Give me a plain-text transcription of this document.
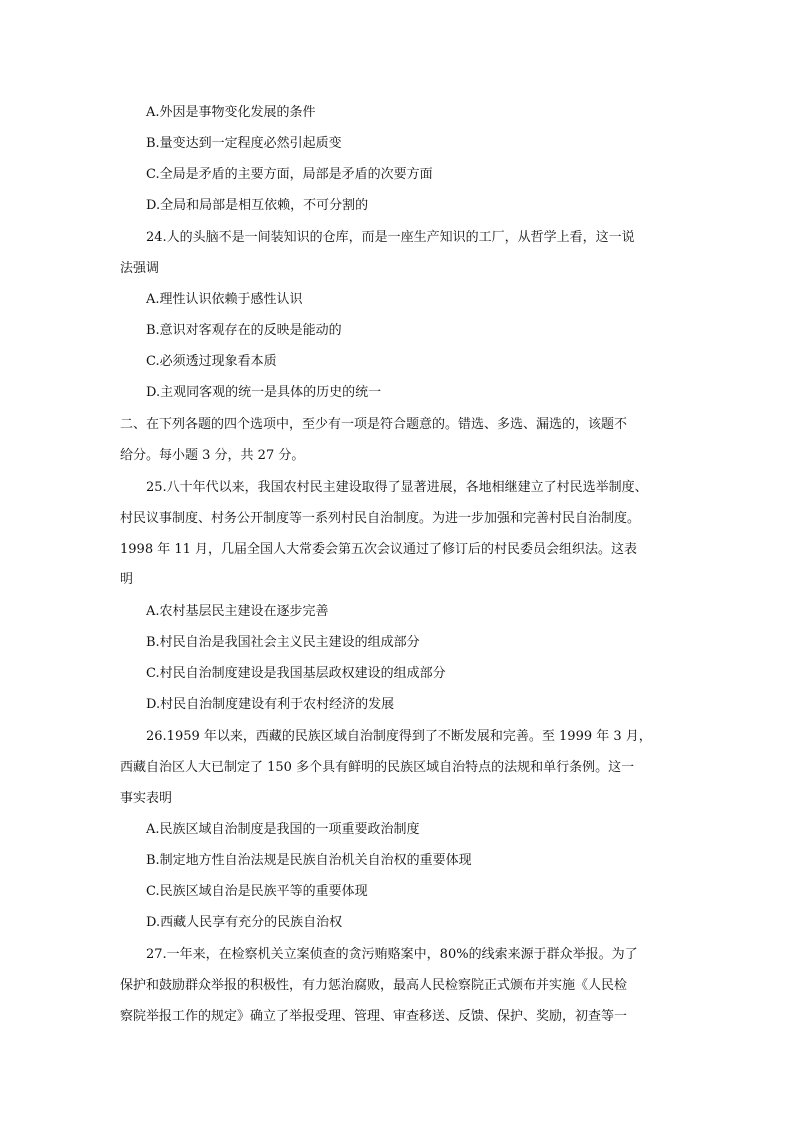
A.外因是事物变化发展的条件
B.量变达到一定程度必然引起质变
C.全局是矛盾的主要方面，局部是矛盾的次要方面
D.全局和局部是相互依赖，不可分割的
24.人的头脑不是一间装知识的仓库，而是一座生产知识的工厂，从哲学上看，这一说
法强调
A.理性认识依赖于感性认识
B.意识对客观存在的反映是能动的
C.必须透过现象看本质
D.主观同客观的统一是具体的历史的统一
二、在下列各题的四个选项中，至少有一项是符合题意的。错选、多选、漏选的，该题不
给分。每小题 3 分，共 27 分。
25.八十年代以来，我国农村民主建设取得了显著进展，各地相继建立了村民选举制度、
村民议事制度、村务公开制度等一系列村民自治制度。为进一步加强和完善村民自治制度。
1998 年 11 月，几届全国人大常委会第五次会议通过了修订后的村民委员会组织法。这表
明
A.农村基层民主建设在逐步完善
B.村民自治是我国社会主义民主建设的组成部分
C.村民自治制度建设是我国基层政权建设的组成部分
D.村民自治制度建设有利于农村经济的发展
26.1959 年以来，西藏的民族区域自治制度得到了不断发展和完善。至 1999 年 3 月，
西藏自治区人大已制定了 150 多个具有鲜明的民族区域自治特点的法规和单行条例。这一
事实表明
A.民族区域自治制度是我国的一项重要政治制度
B.制定地方性自治法规是民族自治机关自治权的重要体现
C.民族区域自治是民族平等的重要体现
D.西藏人民享有充分的民族自治权
27.一年来，在检察机关立案侦查的贪污贿赂案中，80%的线索来源于群众举报。为了
保护和鼓励群众举报的积极性，有力惩治腐败，最高人民检察院正式颁布并实施《人民检
察院举报工作的规定》确立了举报受理、管理、审查移送、反馈、保护、奖励，初查等一
